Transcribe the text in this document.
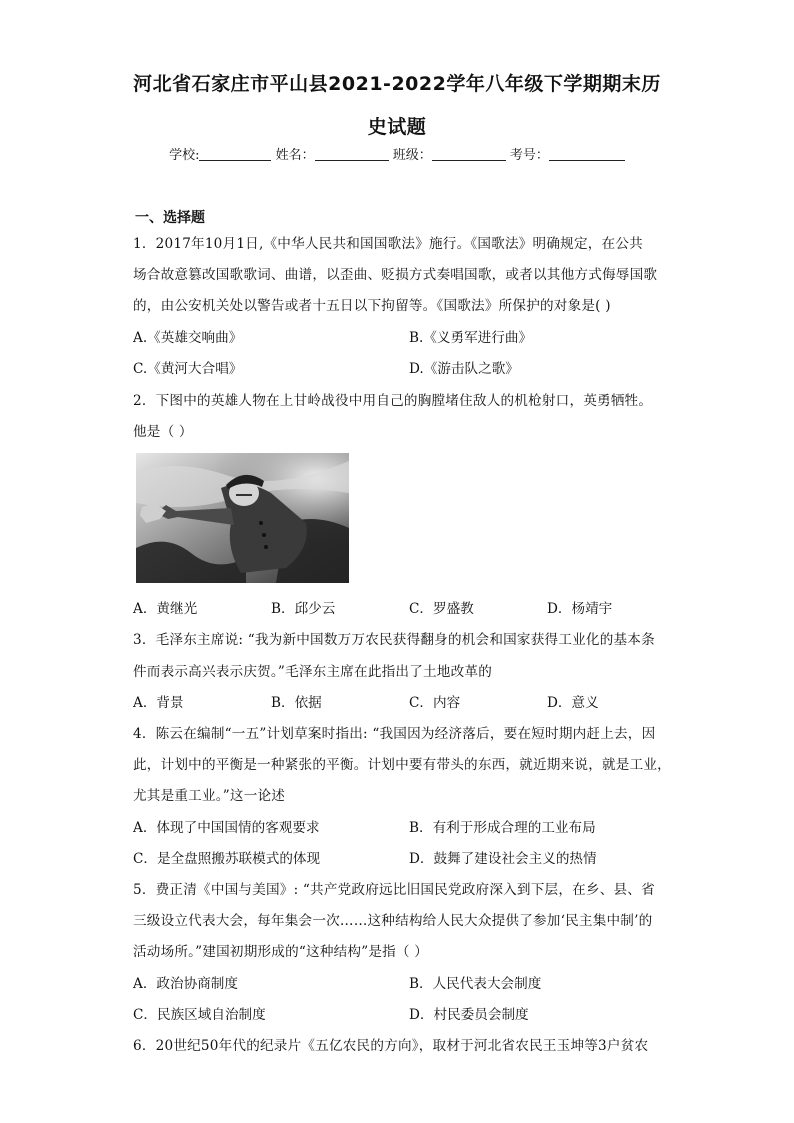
河北省石家庄市平山县2021-2022学年八年级下学期期末历
史试题
学校:	姓名：	班级：	考号：
一、选择题
1．2017年10月1日,《中华人民共和国国歌法》施行。《国歌法》明确规定，在公共
场合故意篡改国歌歌词、曲谱，以歪曲、贬损方式奏唱国歌，或者以其他方式侮辱国歌
的，由公安机关处以警告或者十五日以下拘留等。《国歌法》所保护的对象是( )
A.《英雄交响曲》	B.《义勇军进行曲》
C.《黄河大合唱》	D.《游击队之歌》
2．下图中的英雄人物在上甘岭战役中用自己的胸膛堵住敌人的机枪射口，英勇牺牲。
他是（ ）
A．黄继光	B．邱少云	C．罗盛教	D．杨靖宇
3．毛泽东主席说: “我为新中国数万万农民获得翻身的机会和国家获得工业化的基本条
件而表示高兴表示庆贺。”毛泽东主席在此指出了土地改革的
A．背景	B．依据	C．内容	D．意义
4．陈云在编制“一五”计划草案时指出: “我国因为经济落后，要在短时期内赶上去，因
此，计划中的平衡是一种紧张的平衡。计划中要有带头的东西，就近期来说，就是工业，
尤其是重工业。”这一论述
A．体现了中国国情的客观要求	B．有利于形成合理的工业布局
C．是全盘照搬苏联模式的体现	D．鼓舞了建设社会主义的热情
5．费正清《中国与美国》: “共产党政府远比旧国民党政府深入到下层，在乡、县、省
三级设立代表大会，每年集会一次……这种结构给人民大众提供了参加‘民主集中制’的
活动场所。”建国初期形成的“这种结构”是指（ ）
A．政治协商制度	B．人民代表大会制度
C．民族区域自治制度	D．村民委员会制度
6．20世纪50年代的纪录片《五亿农民的方向》，取材于河北省农民王玉坤等3户贫农
